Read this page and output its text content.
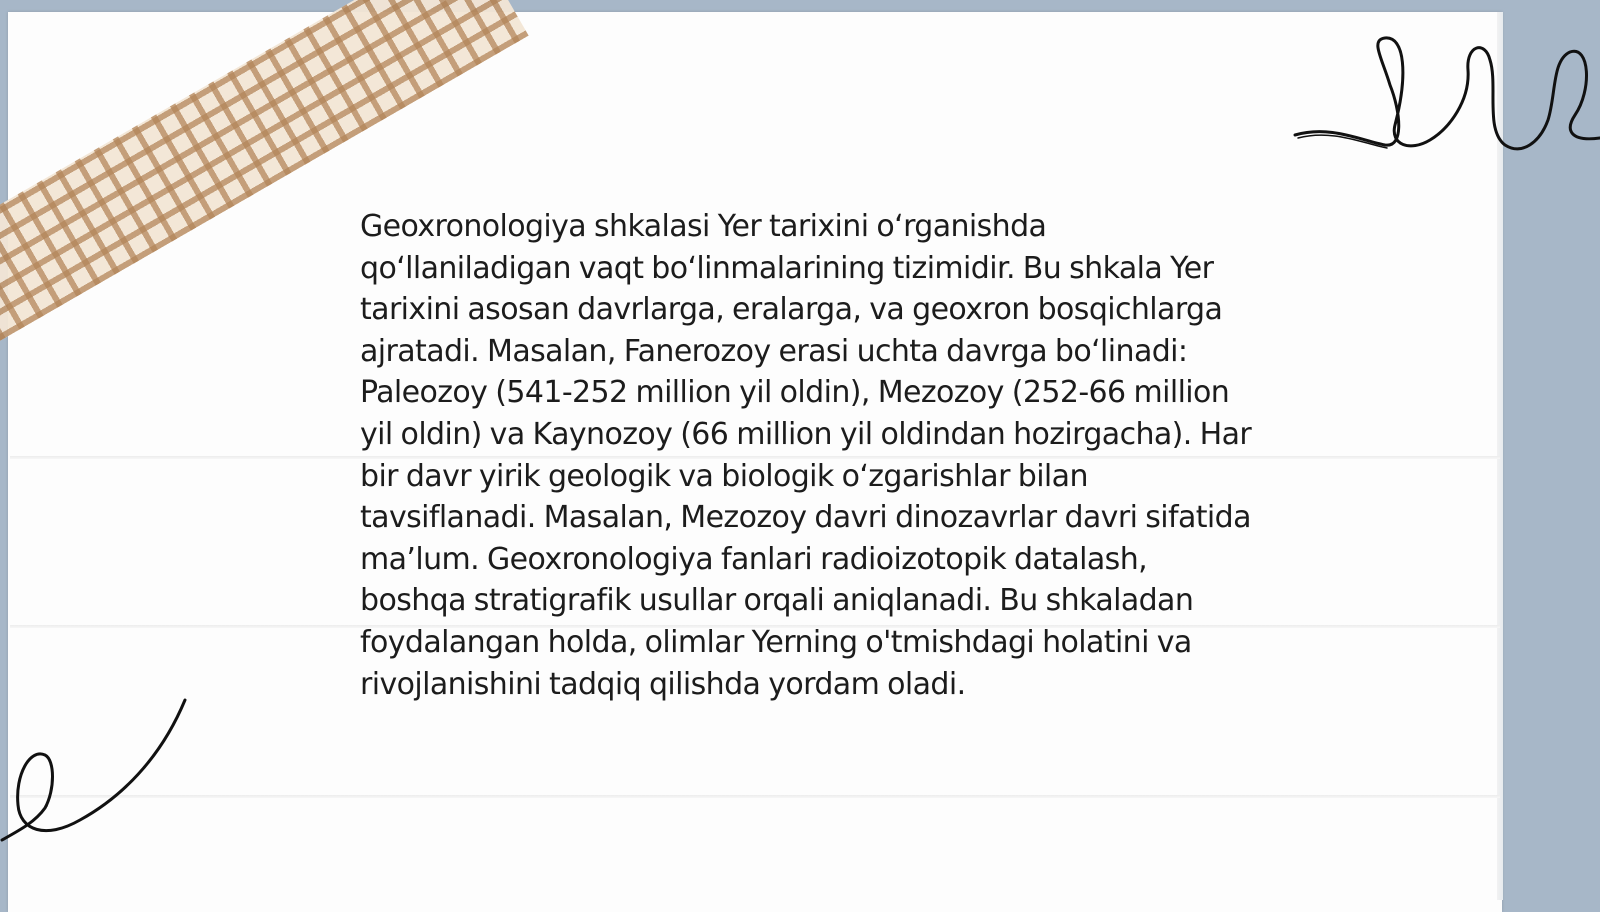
Geoxronologiya shkalasi Yer tarixini o‘rganishda qo‘llaniladigan vaqt bo‘linmalarining tizimidir. Bu shkala Yer tarixini asosan davrlarga, eralarga, va geoxron bosqichlarga ajratadi. Masalan, Fanerozoy erasi uchta davrga bo‘linadi: Paleozoy (541-252 million yil oldin), Mezozoy (252-66 million yil oldin) va Kaynozoy (66 million yil oldindan hozirgacha). Har bir davr yirik geologik va biologik o‘zgarishlar bilan tavsiflanadi. Masalan, Mezozoy davri dinozavrlar davri sifatida ma’lum. Geoxronologiya fanlari radioizotopik datalash, boshqa stratigrafik usullar orqali aniqlanadi. Bu shkaladan foydalangan holda, olimlar Yerning o'tmishdagi holatini va rivojlanishini tadqiq qilishda yordam oladi.
